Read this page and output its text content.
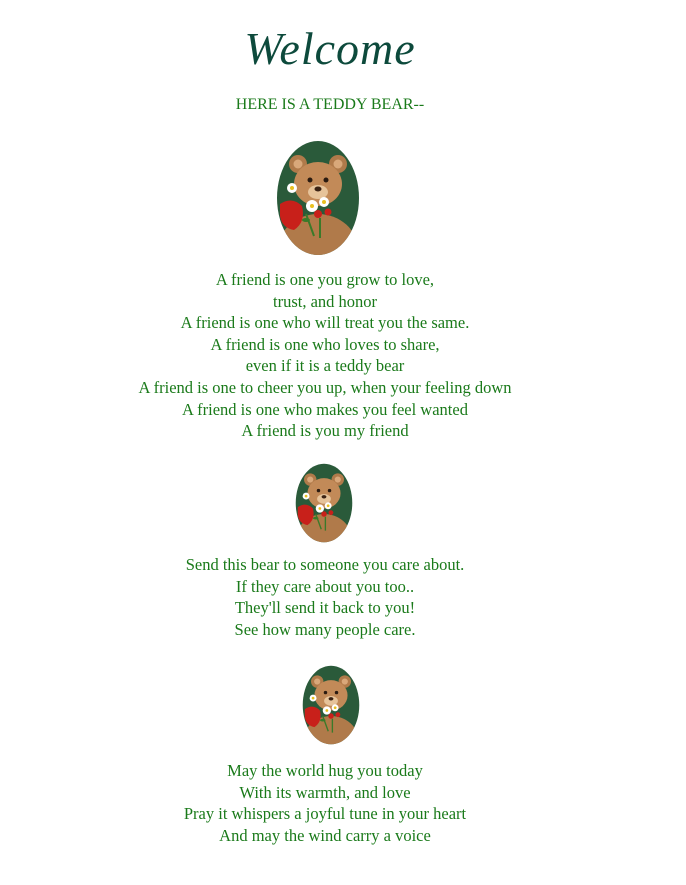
Welcome
HERE IS A TEDDY BEAR--
A friend is one you grow to love,
trust, and honor
A friend is one who will treat you the same.
A friend is one who loves to share,
even if it is a teddy bear
A friend is one to cheer you up, when your feeling down
A friend is one who makes you feel wanted
A friend is you my friend
Send this bear to someone you care about.
If they care about you too..
They'll send it back to you!
See how many people care.
May the world hug you today
With its warmth, and love
Pray it whispers a joyful tune in your heart
And may the wind carry a voice
